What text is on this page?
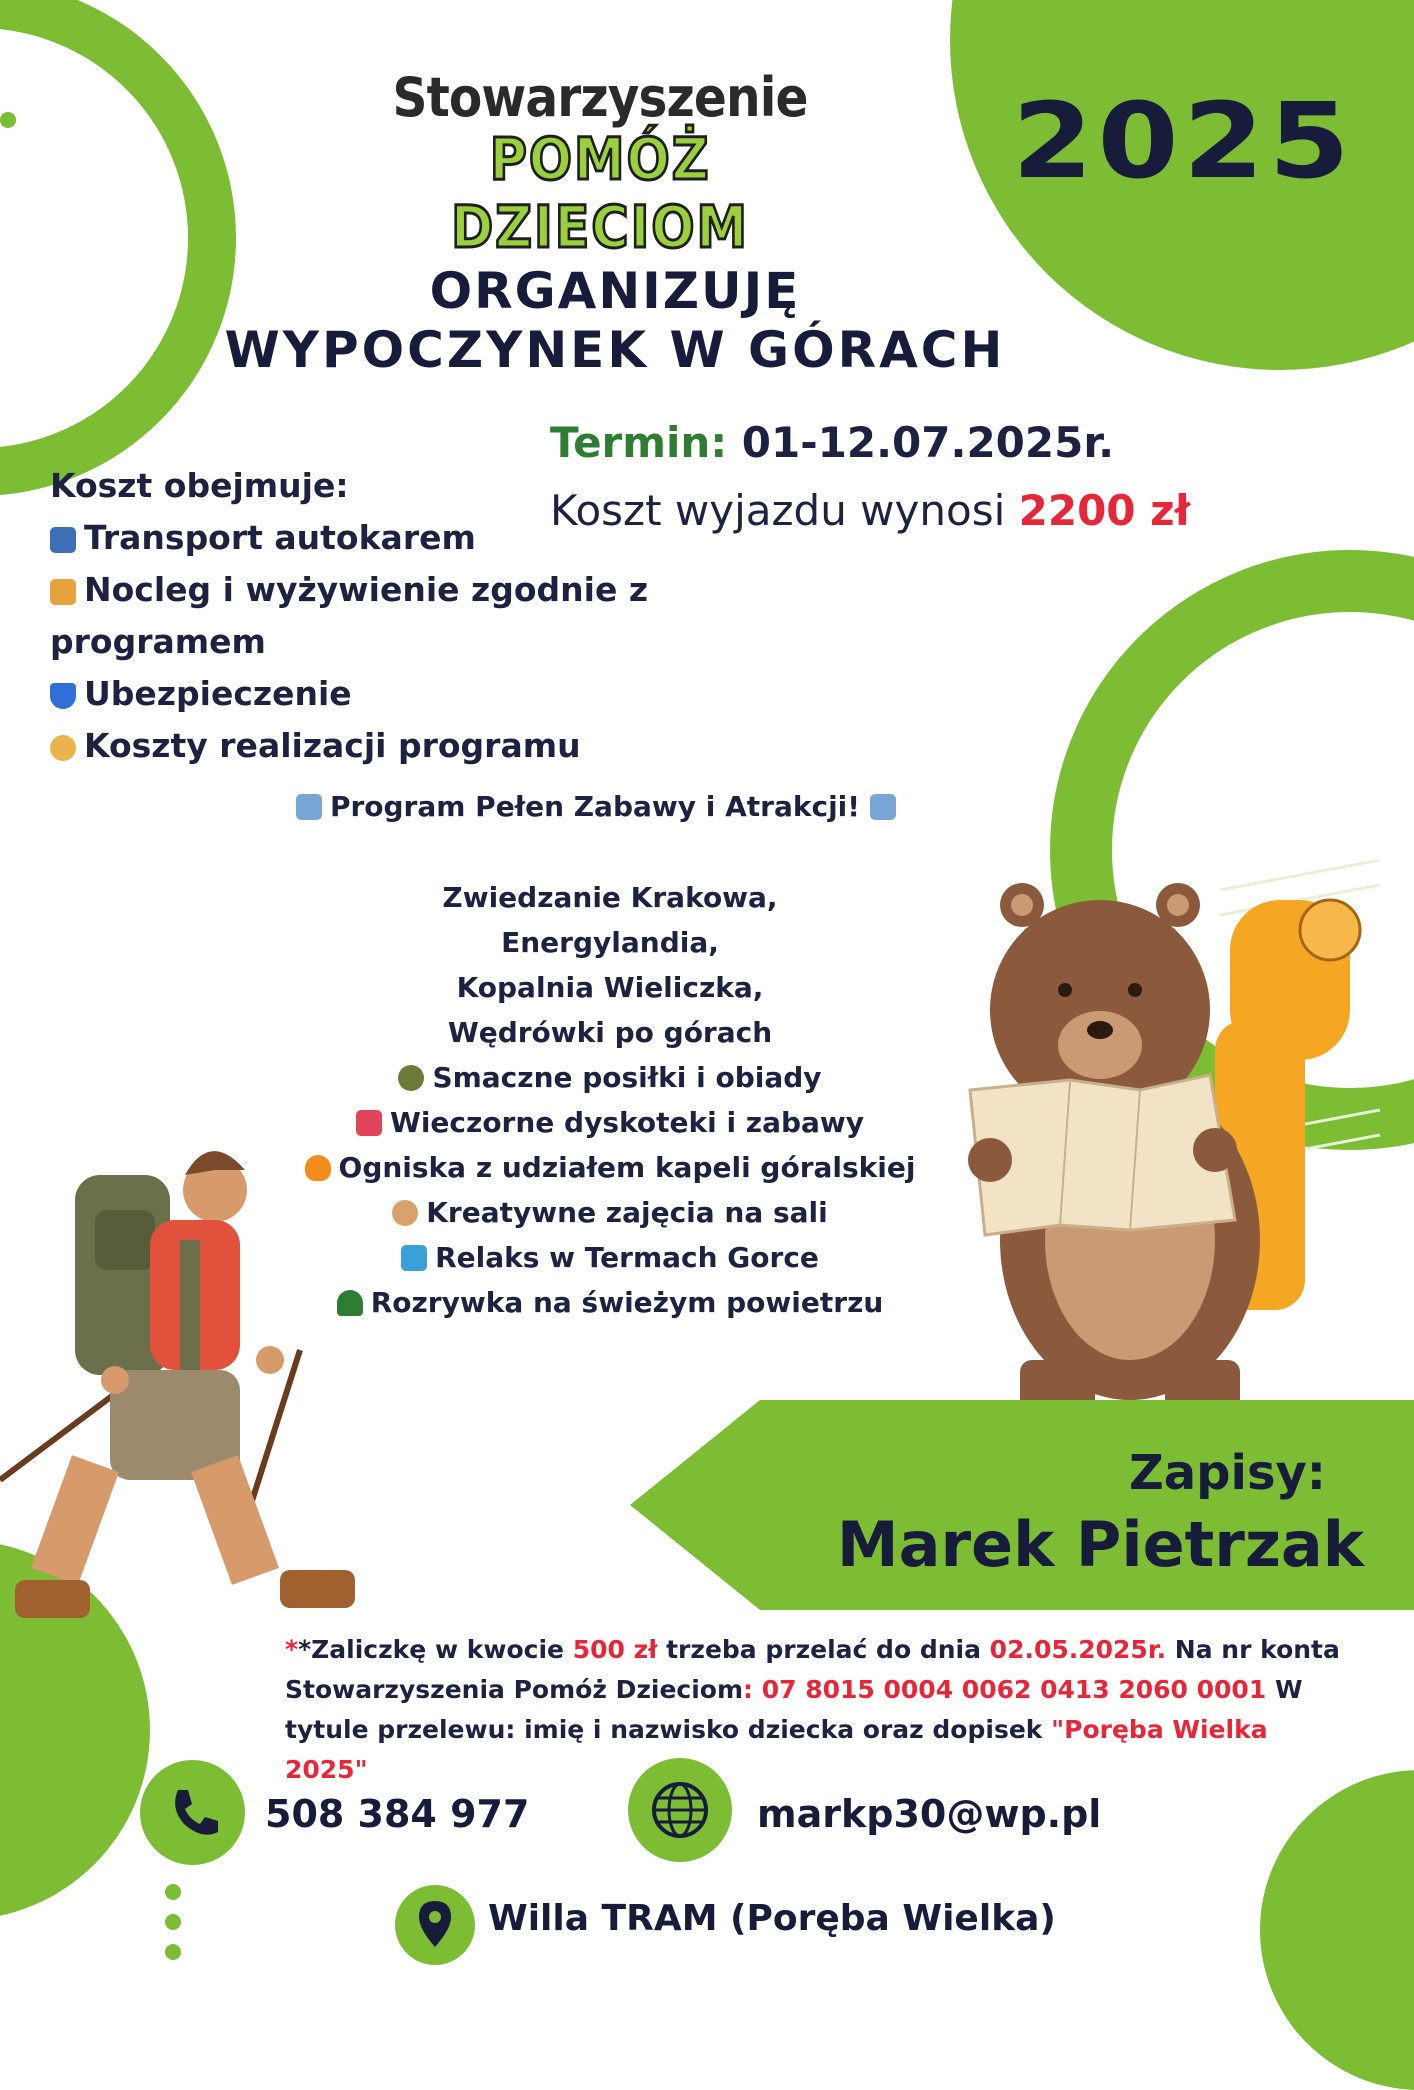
Stowarzyszenie
POMÓŻ DZIECIOM
2025
ORGANIZUJĘ
WYPOCZYNEK W GÓRACH
Termin: 01-12.07.2025r.
Koszt wyjazdu wynosi 2200 zł
Koszt obejmuje:
Transport autokarem
Nocleg i wyżywienie zgodnie z programem
Ubezpieczenie
Koszty realizacji programu
Program Pełen Zabawy i Atrakcji!
Zwiedzanie Krakowa,
Energylandia,
Kopalnia Wieliczka,
Wędrówki po górach
Smaczne posiłki i obiady
Wieczorne dyskoteki i zabawy
Ogniska z udziałem kapeli góralskiej
Kreatywne zajęcia na sali
Relaks w Termach Gorce
Rozrywka na świeżym powietrzu
Zapisy:
Marek Pietrzak
**Zaliczkę w kwocie 500 zł trzeba przelać do dnia 02.05.2025r. Na nr konta Stowarzyszenia Pomóż Dzieciom: 07 8015 0004 0062 0413 2060 0001 W tytule przelewu: imię i nazwisko dziecka oraz dopisek "Poręba Wielka 2025"
508 384 977	markp30@wp.pl
Willa TRAM (Poręba Wielka)
